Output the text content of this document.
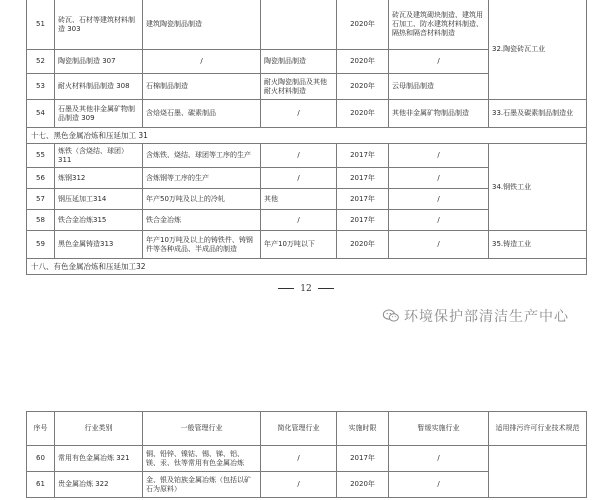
51	砖瓦、石材等建筑材料制造 303	建筑陶瓷制品制造		2020年	砖瓦及建筑砌块制造、建筑用石加工、防水建筑材料制造、隔热和隔音材料制造	32.陶瓷砖瓦工业
52	陶瓷制品制造 307	/	陶瓷制品制造	2020年	/	
53	耐火材料制品制造 308	石棉制品制造	耐火陶瓷制品及其他耐火材料制造	2020年	云母制品制造	
54	石墨及其他非金属矿物制品制造 309	含焙烧石墨、碳素制品	/	2020年	其他非金属矿物制品制造	33.石墨及碳素制品制造业
十七、黑色金属冶炼和压延加工 31						
55	炼铁（含烧结、球团）311	含炼铁、烧结、球团等工序的生产	/	2017年	/	34.钢铁工业
56	炼钢312	含炼钢等工序的生产	/	2017年	/	
57	钢压延加工314	年产50万吨及以上的冷轧	其他	2017年	/	
58	铁合金冶炼315	铁合金冶炼	/	2017年	/	
59	黑色金属铸造313	年产10万吨及以上的铸铁件、铸钢件等各种成品、半成品的制造	年产10万吨以下	2020年	/	35.铸造工业
十八、有色金属冶炼和压延加工32						
12
环境保护部清洁生产中心
序号	行业类别	一般管理行业	简化管理行业	实施时限	暂缓实施行业	适用排污许可行业技术规范
60	常用有色金属冶炼 321	铜、铅锌、镍钴、锡、锑、铝、镁、汞、钛等常用有色金属冶炼	/	2017年	/	
61	贵金属冶炼 322	金、银及铂族金属冶炼（包括以矿石为原料）	/	2020年	/	
